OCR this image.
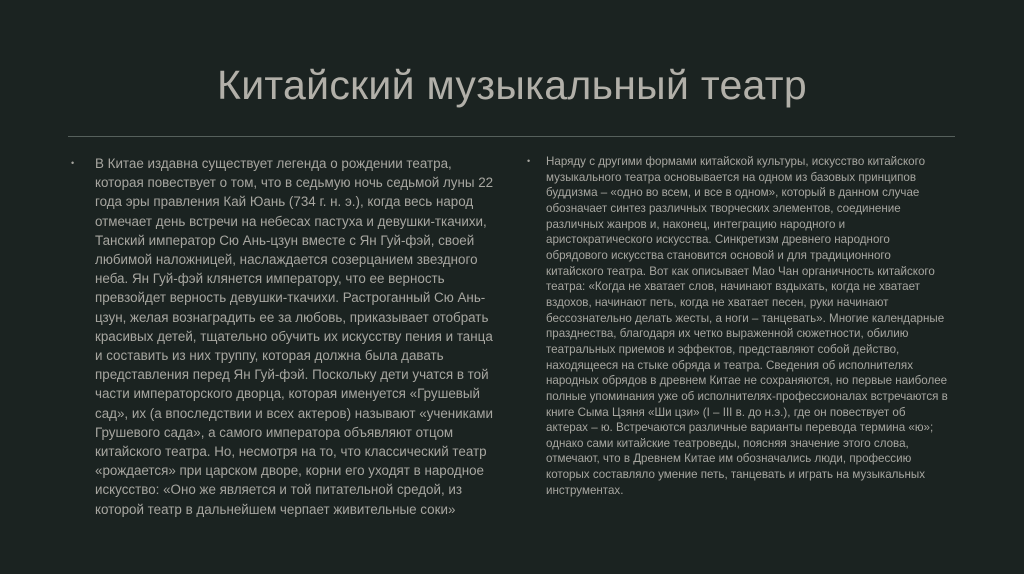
Китайский музыкальный театр
•	В Китае издавна существует легенда о рождении театра, которая повествует о том, что в седьмую ночь седьмой луны 22 года эры правления Кай Юань (734 г. н. э.), когда весь народ отмечает день встречи на небесах пастуха и девушки-ткачихи, Танский император Сю Ань-цзун вместе с Ян Гуй-фэй, своей любимой наложницей, наслаждается созерцанием звездного неба. Ян Гуй-фэй клянется императору, что ее верность превзойдет верность девушки-ткачихи. Растроганный Сю Ань-цзун, желая вознаградить ее за любовь, приказывает отобрать красивых детей, тщательно обучить их искусству пения и танца и составить из них труппу, которая должна была давать представления перед Ян Гуй-фэй. Поскольку дети учатся в той части императорского дворца, которая именуется «Грушевый сад», их (а впоследствии и всех актеров) называют «учениками Грушевого сада», а самого императора объявляют отцом китайского театра. Но, несмотря на то, что классический театр «рождается» при царском дворе, корни его уходят в народное искусство: «Оно же является и той питательной средой, из которой театр в дальнейшем черпает живительные соки»
•	Наряду с другими формами китайской культуры, искусство китайского музыкального театра основывается на одном из базовых принципов буддизма – «одно во всем, и все в одном», который в данном случае обозначает синтез различных творческих элементов, соединение различных жанров и, наконец, интеграцию народного и аристократического искусства. Синкретизм древнего народного обрядового искусства становится основой и для традиционного китайского театра. Вот как описывает Мао Чан органичность китайского театра: «Когда не хватает слов, начинают вздыхать, когда не хватает вздохов, начинают петь, когда не хватает песен, руки начинают бессознательно делать жесты, а ноги – танцевать». Многие календарные празднества, благодаря их четко выраженной сюжетности, обилию театральных приемов и эффектов, представляют собой действо, находящееся на стыке обряда и театра. Сведения об исполнителях народных обрядов в древнем Китае не сохраняются, но первые наиболее полные упоминания уже об исполнителях-профессионалах встречаются в книге Сыма Цзяня «Ши цзи» (I – III в. до н.э.), где он повествует об актерах – ю. Встречаются различные варианты перевода термина «ю»; однако сами китайские театроведы, поясняя значение этого слова, отмечают, что в Древнем Китае им обозначались люди, профессию которых составляло умение петь, танцевать и играть на музыкальных инструментах.
